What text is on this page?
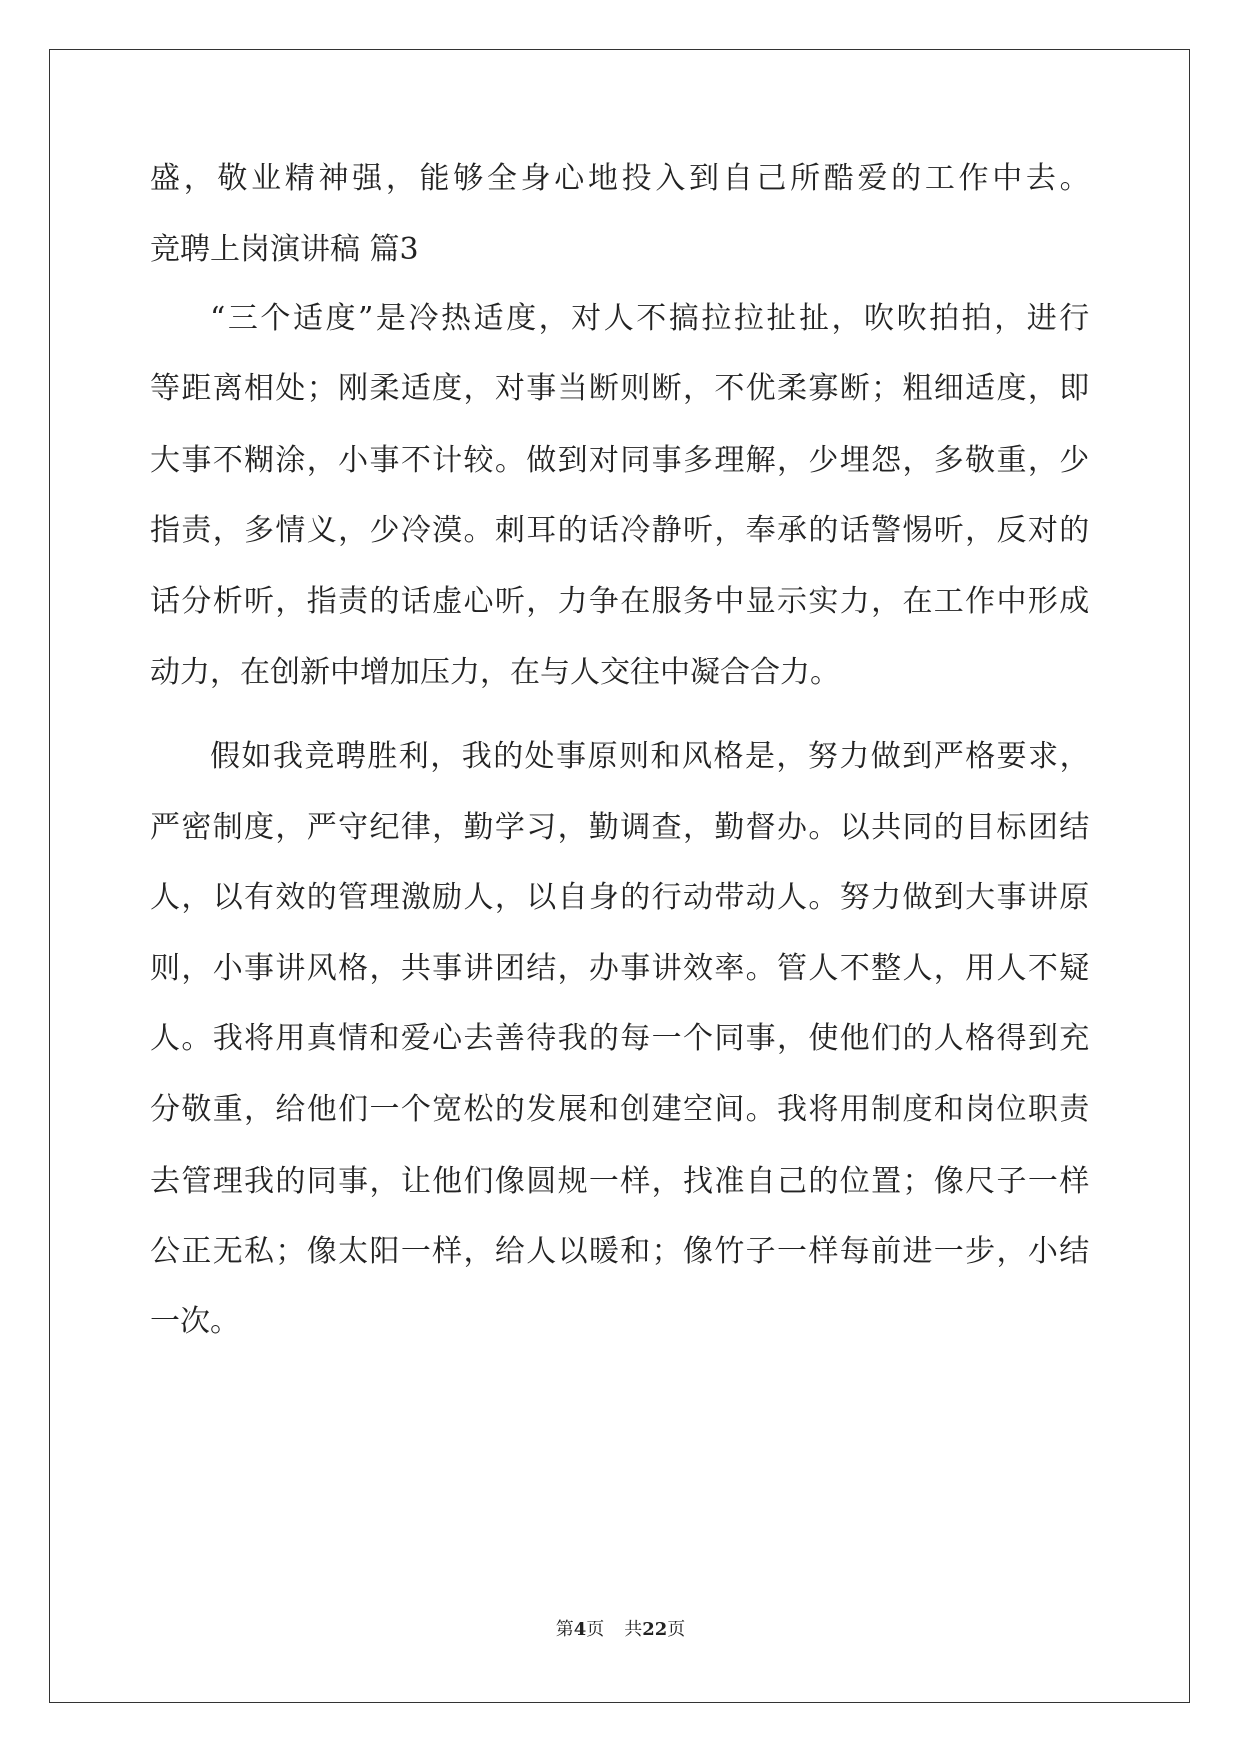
盛，敬业精神强，能够全身心地投入到自己所酷爱的工作中去。
竞聘上岗演讲稿 篇3
“三个适度”是冷热适度，对人不搞拉拉扯扯，吹吹拍拍，进行
等距离相处；刚柔适度，对事当断则断，不优柔寡断；粗细适度，即
大事不糊涂，小事不计较。做到对同事多理解，少埋怨，多敬重，少
指责，多情义，少冷漠。刺耳的话冷静听，奉承的话警惕听，反对的
话分析听，指责的话虚心听，力争在服务中显示实力，在工作中形成
动力，在创新中增加压力，在与人交往中凝合合力。
假如我竞聘胜利，我的处事原则和风格是，努力做到严格要求，
严密制度，严守纪律，勤学习，勤调查，勤督办。以共同的目标团结
人，以有效的管理激励人，以自身的行动带动人。努力做到大事讲原
则，小事讲风格，共事讲团结，办事讲效率。管人不整人，用人不疑
人。我将用真情和爱心去善待我的每一个同事，使他们的人格得到充
分敬重，给他们一个宽松的发展和创建空间。我将用制度和岗位职责
去管理我的同事，让他们像圆规一样，找准自己的位置；像尺子一样
公正无私；像太阳一样，给人以暖和；像竹子一样每前进一步，小结
一次。
第4页 共22页
